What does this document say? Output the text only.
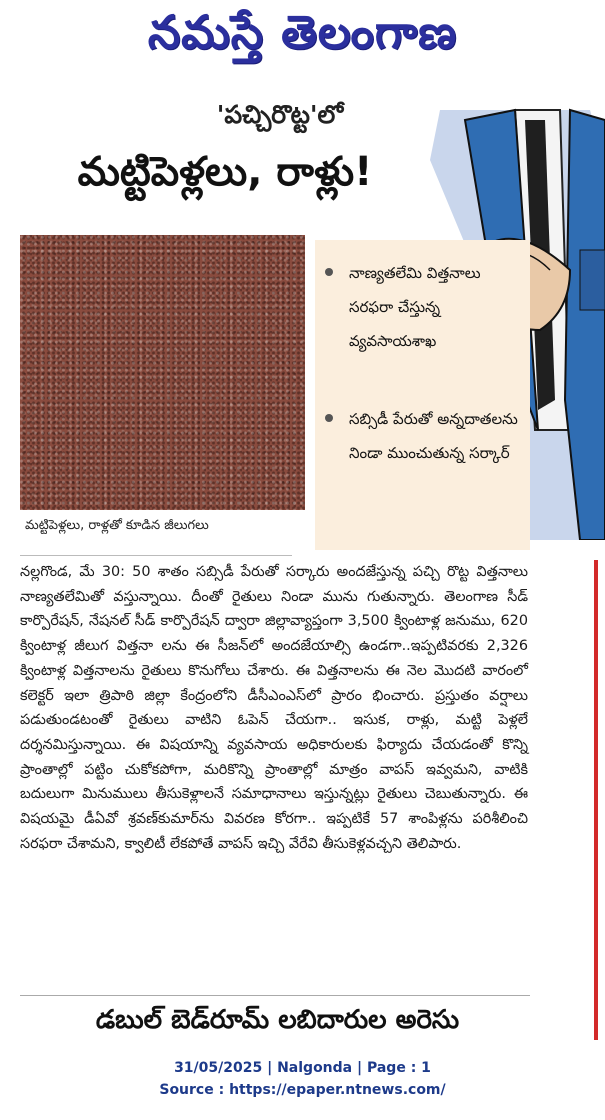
నమస్తే తెలంగాణ
'పచ్చిరొట్ట'లో
మట్టిపెళ్లలు, రాళ్లు!
మట్టిపెళ్లలు, రాళ్లతో కూడిన జీలుగలు
నాణ్యతలేమి విత్తనాలు సరఫరా చేస్తున్న వ్యవసాయశాఖ
సబ్సిడీ పేరుతో అన్నదాతలను నిండా ముంచుతున్న సర్కార్
నల్లగొండ, మే 30: 50 శాతం సబ్సిడీ పేరుతో సర్కారు అందజేస్తున్న పచ్చి రొట్ట విత్తనాలు నాణ్యతలేమితో వస్తున్నాయి. దీంతో రైతులు నిండా మును గుతున్నారు. తెలంగాణ సీడ్ కార్పొరేషన్, నేషనల్ సీడ్ కార్పొరేషన్ ద్వారా జిల్లావ్యాప్తంగా 3,500 క్వింటాళ్ల జనుము, 620 క్వింటాళ్ల జీలుగ విత్తనా లను ఈ సీజన్‌లో అందజేయాల్సి ఉండగా..ఇప్పటివరకు 2,326 క్వింటాళ్ల విత్తనాలను రైతులు కొనుగోలు చేశారు. ఈ విత్తనాలను ఈ నెల మొదటి వారంలో కలెక్టర్ ఇలా త్రిపాఠి జిల్లా కేంద్రంలోని డీసీఎంఎస్‌లో ప్రారం భించారు. ప్రస్తుతం వర్షాలు పడుతుండటంతో రైతులు వాటిని ఓపెన్ చేయగా.. ఇసుక, రాళ్లు, మట్టి పెళ్లలే దర్శనమిస్తున్నాయి. ఈ విషయాన్ని వ్యవసాయ అధికారులకు ఫిర్యాదు చేయడంతో కొన్ని ప్రాంతాల్లో పట్టిం చుకోకపోగా, మరికొన్ని ప్రాంతాల్లో మాత్రం వాపస్ ఇవ్వమని, వాటికి బదులుగా మినుములు తీసుకెళ్లాలనే సమాధానాలు ఇస్తున్నట్లు రైతులు చెబుతున్నారు. ఈ విషయమై డీఏవో శ్రవణ్‌కుమార్‌ను వివరణ కోరగా.. ఇప్పటికే 57 శాంపిళ్లను పరిశీలించి సరఫరా చేశామని, క్వాలిటీ లేకపోతే వాపస్ ఇచ్చి వేరేవి తీసుకెళ్లవచ్చని తెలిపారు.
డబుల్ బెడ్‌రూమ్ లబిదారుల అరెసు
31/05/2025 | Nalgonda | Page : 1
Source : https://epaper.ntnews.com/
